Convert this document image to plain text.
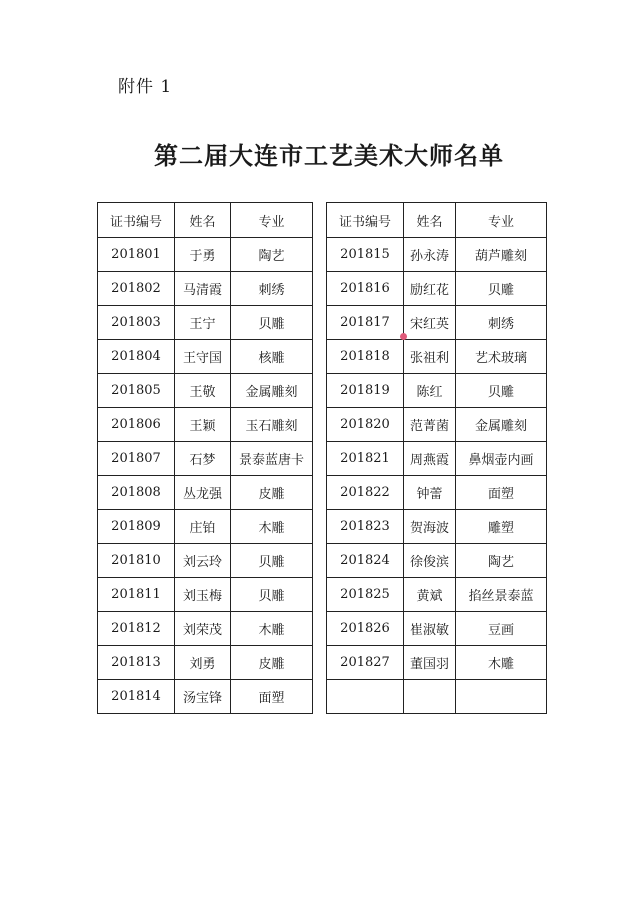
附件 1
第二届大连市工艺美术大师名单
证书编号	姓名	专业
201801	于勇	陶艺
201802	马清霞	刺绣
201803	王宁	贝雕
201804	王守国	核雕
201805	王敬	金属雕刻
201806	王颖	玉石雕刻
201807	石梦	景泰蓝唐卡
201808	丛龙强	皮雕
201809	庄铂	木雕
201810	刘云玲	贝雕
201811	刘玉梅	贝雕
201812	刘荣茂	木雕
201813	刘勇	皮雕
201814	汤宝锋	面塑
证书编号	姓名	专业
201815	孙永涛	葫芦雕刻
201816	励红花	贝雕
201817	宋红英	刺绣
201818	张祖利	艺术玻璃
201819	陈红	贝雕
201820	范菁菌	金属雕刻
201821	周燕霞	鼻烟壶内画
201822	钟蕾	面塑
201823	贺海波	雕塑
201824	徐俊滨	陶艺
201825	黄斌	掐丝景泰蓝
201826	崔淑敏	豆画
201827	董国羽	木雕
